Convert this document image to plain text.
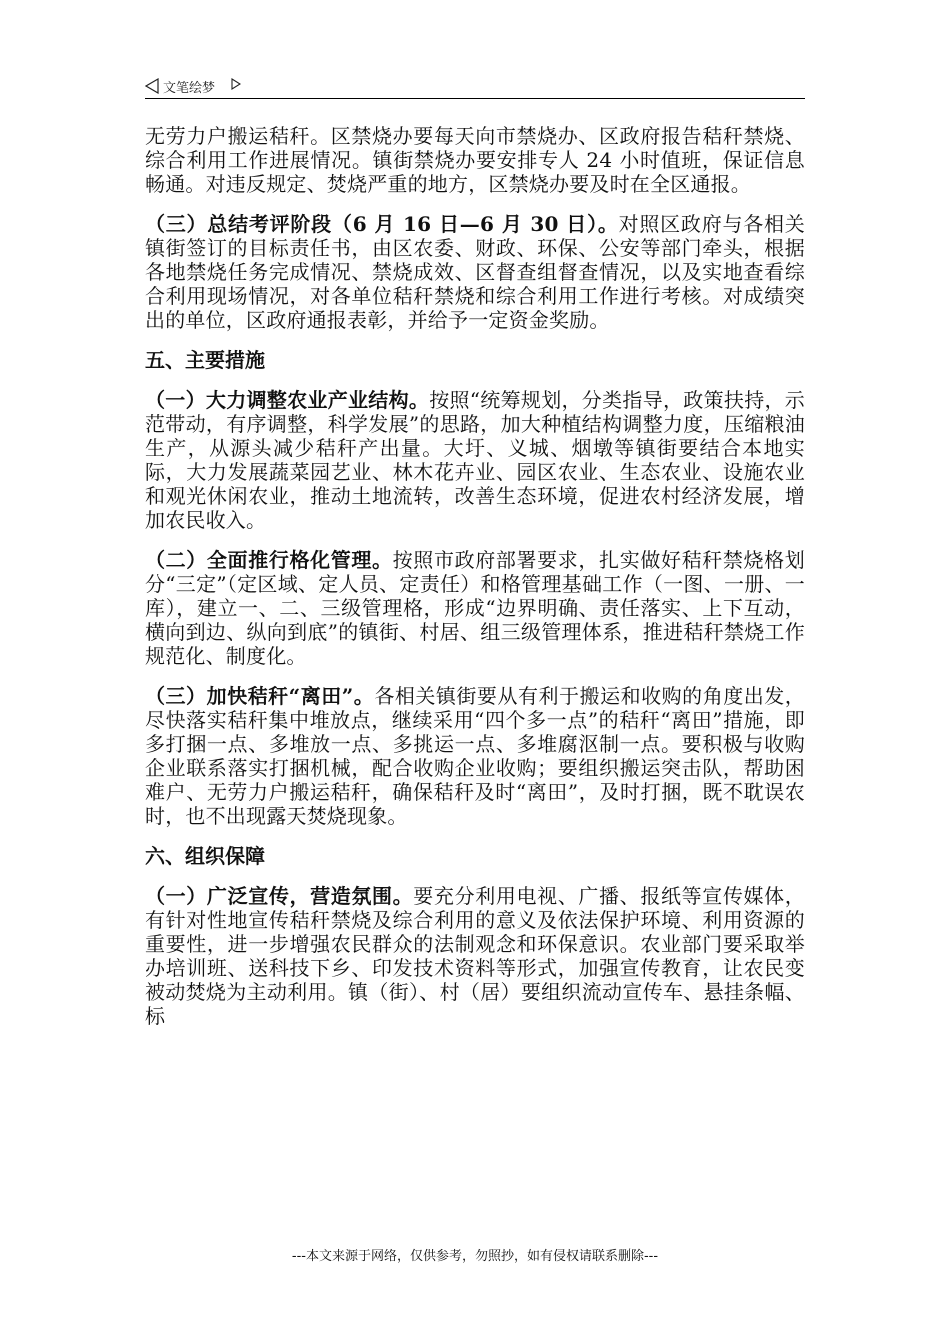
文笔绘梦

无劳力户搬运秸秆。区禁烧办要每天向市禁烧办、区政府报告秸秆禁烧、综合利用工作进展情况。镇街禁烧办要安排专人 24 小时值班，保证信息畅通。对违反规定、焚烧严重的地方，区禁烧办要及时在全区通报。

（三）总结考评阶段（6 月 16 日—6 月 30 日）。对照区政府与各相关镇街签订的目标责任书，由区农委、财政、环保、公安等部门牵头，根据各地禁烧任务完成情况、禁烧成效、区督查组督查情况，以及实地查看综合利用现场情况，对各单位秸秆禁烧和综合利用工作进行考核。对成绩突出的单位，区政府通报表彰，并给予一定资金奖励。

五、主要措施

（一）大力调整农业产业结构。按照“统筹规划，分类指导，政策扶持，示范带动，有序调整，科学发展”的思路，加大种植结构调整力度，压缩粮油生产，从源头减少秸秆产出量。大圩、义城、烟墩等镇街要结合本地实际，大力发展蔬菜园艺业、林木花卉业、园区农业、生态农业、设施农业和观光休闲农业，推动土地流转，改善生态环境，促进农村经济发展，增加农民收入。

（二）全面推行格化管理。按照市政府部署要求，扎实做好秸秆禁烧格划分“三定”（定区域、定人员、定责任）和格管理基础工作（一图、一册、一库），建立一、二、三级管理格，形成“边界明确、责任落实、上下互动，横向到边、纵向到底”的镇街、村居、组三级管理体系，推进秸秆禁烧工作规范化、制度化。

（三）加快秸秆“离田”。各相关镇街要从有利于搬运和收购的角度出发，尽快落实秸秆集中堆放点，继续采用“四个多一点”的秸秆“离田”措施，即多打捆一点、多堆放一点、多挑运一点、多堆腐沤制一点。要积极与收购企业联系落实打捆机械，配合收购企业收购；要组织搬运突击队，帮助困难户、无劳力户搬运秸秆，确保秸秆及时“离田”，及时打捆，既不耽误农时，也不出现露天焚烧现象。

六、组织保障

（一）广泛宣传，营造氛围。要充分利用电视、广播、报纸等宣传媒体，有针对性地宣传秸秆禁烧及综合利用的意义及依法保护环境、利用资源的重要性，进一步增强农民群众的法制观念和环保意识。农业部门要采取举办培训班、送科技下乡、印发技术资料等形式，加强宣传教育，让农民变被动焚烧为主动利用。镇（街）、村（居）要组织流动宣传车、悬挂条幅、标

---本文来源于网络，仅供参考，勿照抄，如有侵权请联系删除---
